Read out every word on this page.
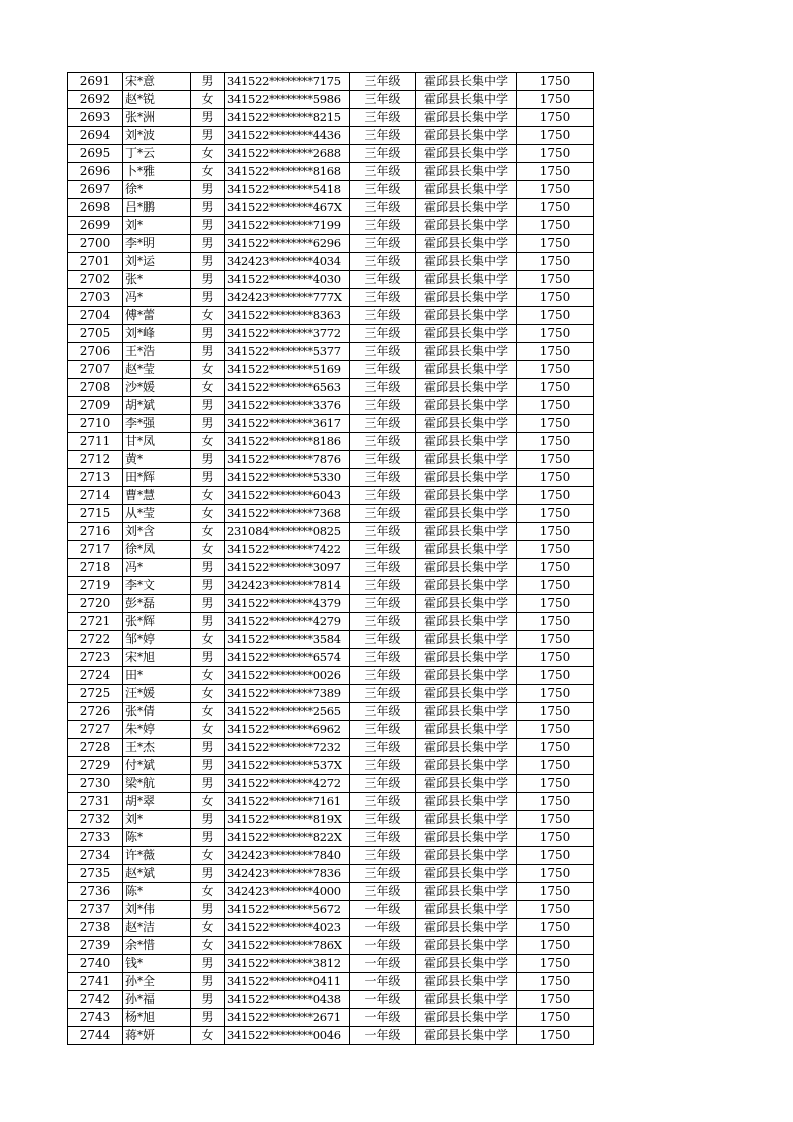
2691	宋*意	男	341522********7175	三年级	霍邱县长集中学	1750
2692	赵*锐	女	341522********5986	三年级	霍邱县长集中学	1750
2693	张*洲	男	341522********8215	三年级	霍邱县长集中学	1750
2694	刘*波	男	341522********4436	三年级	霍邱县长集中学	1750
2695	丁*云	女	341522********2688	三年级	霍邱县长集中学	1750
2696	卜*雅	女	341522********8168	三年级	霍邱县长集中学	1750
2697	徐*	男	341522********5418	三年级	霍邱县长集中学	1750
2698	吕*鹏	男	341522********467X	三年级	霍邱县长集中学	1750
2699	刘*	男	341522********7199	三年级	霍邱县长集中学	1750
2700	李*明	男	341522********6296	三年级	霍邱县长集中学	1750
2701	刘*运	男	342423********4034	三年级	霍邱县长集中学	1750
2702	张*	男	341522********4030	三年级	霍邱县长集中学	1750
2703	冯*	男	342423********777X	三年级	霍邱县长集中学	1750
2704	傅*蕾	女	341522********8363	三年级	霍邱县长集中学	1750
2705	刘*峰	男	341522********3772	三年级	霍邱县长集中学	1750
2706	王*浩	男	341522********5377	三年级	霍邱县长集中学	1750
2707	赵*莹	女	341522********5169	三年级	霍邱县长集中学	1750
2708	沙*媛	女	341522********6563	三年级	霍邱县长集中学	1750
2709	胡*斌	男	341522********3376	三年级	霍邱县长集中学	1750
2710	李*强	男	341522********3617	三年级	霍邱县长集中学	1750
2711	甘*凤	女	341522********8186	三年级	霍邱县长集中学	1750
2712	黄*	男	341522********7876	三年级	霍邱县长集中学	1750
2713	田*辉	男	341522********5330	三年级	霍邱县长集中学	1750
2714	曹*慧	女	341522********6043	三年级	霍邱县长集中学	1750
2715	从*莹	女	341522********7368	三年级	霍邱县长集中学	1750
2716	刘*含	女	231084********0825	三年级	霍邱县长集中学	1750
2717	徐*凤	女	341522********7422	三年级	霍邱县长集中学	1750
2718	冯*	男	341522********3097	三年级	霍邱县长集中学	1750
2719	李*文	男	342423********7814	三年级	霍邱县长集中学	1750
2720	彭*磊	男	341522********4379	三年级	霍邱县长集中学	1750
2721	张*辉	男	341522********4279	三年级	霍邱县长集中学	1750
2722	邹*婷	女	341522********3584	三年级	霍邱县长集中学	1750
2723	宋*旭	男	341522********6574	三年级	霍邱县长集中学	1750
2724	田*	女	341522********0026	三年级	霍邱县长集中学	1750
2725	汪*媛	女	341522********7389	三年级	霍邱县长集中学	1750
2726	张*倩	女	341522********2565	三年级	霍邱县长集中学	1750
2727	朱*婷	女	341522********6962	三年级	霍邱县长集中学	1750
2728	王*杰	男	341522********7232	三年级	霍邱县长集中学	1750
2729	付*斌	男	341522********537X	三年级	霍邱县长集中学	1750
2730	梁*航	男	341522********4272	三年级	霍邱县长集中学	1750
2731	胡*翠	女	341522********7161	三年级	霍邱县长集中学	1750
2732	刘*	男	341522********819X	三年级	霍邱县长集中学	1750
2733	陈*	男	341522********822X	三年级	霍邱县长集中学	1750
2734	许*薇	女	342423********7840	三年级	霍邱县长集中学	1750
2735	赵*斌	男	342423********7836	三年级	霍邱县长集中学	1750
2736	陈*	女	342423********4000	三年级	霍邱县长集中学	1750
2737	刘*伟	男	341522********5672	一年级	霍邱县长集中学	1750
2738	赵*洁	女	341522********4023	一年级	霍邱县长集中学	1750
2739	余*惜	女	341522********786X	一年级	霍邱县长集中学	1750
2740	钱*	男	341522********3812	一年级	霍邱县长集中学	1750
2741	孙*全	男	341522********0411	一年级	霍邱县长集中学	1750
2742	孙*福	男	341522********0438	一年级	霍邱县长集中学	1750
2743	杨*旭	男	341522********2671	一年级	霍邱县长集中学	1750
2744	蒋*妍	女	341522********0046	一年级	霍邱县长集中学	1750
